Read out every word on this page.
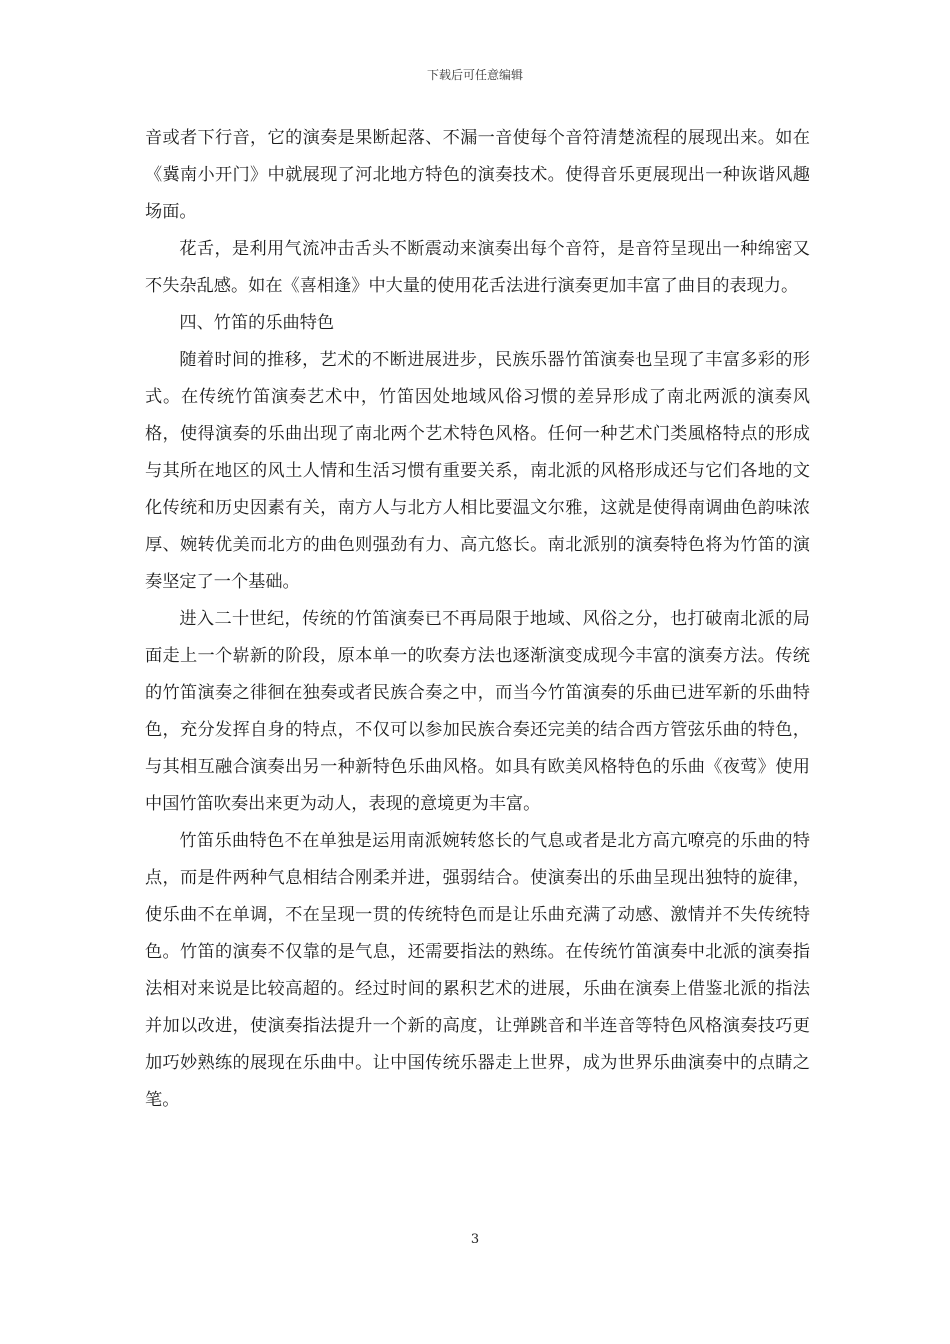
下载后可任意编辑

音或者下行音，它的演奏是果断起落、不漏一音使每个音符清楚流程的展现出来。如在《冀南小开门》中就展现了河北地方特色的演奏技术。使得音乐更展现出一种诙谐风趣场面。

花舌，是利用气流冲击舌头不断震动来演奏出每个音符，是音符呈现出一种绵密又不失杂乱感。如在《喜相逢》中大量的使用花舌法进行演奏更加丰富了曲目的表现力。

四、竹笛的乐曲特色

随着时间的推移，艺术的不断进展进步，民族乐器竹笛演奏也呈现了丰富多彩的形式。在传统竹笛演奏艺术中，竹笛因处地域风俗习惯的差异形成了南北两派的演奏风格，使得演奏的乐曲出现了南北两个艺术特色风格。任何一种艺术门类風格特点的形成与其所在地区的风土人情和生活习惯有重要关系，南北派的风格形成还与它们各地的文化传统和历史因素有关，南方人与北方人相比要温文尔雅，这就是使得南调曲色韵味浓厚、婉转优美而北方的曲色则强劲有力、高亢悠长。南北派别的演奏特色将为竹笛的演奏坚定了一个基础。

进入二十世纪，传统的竹笛演奏已不再局限于地域、风俗之分，也打破南北派的局面走上一个崭新的阶段，原本单一的吹奏方法也逐渐演变成现今丰富的演奏方法。传统的竹笛演奏之徘徊在独奏或者民族合奏之中，而当今竹笛演奏的乐曲已进军新的乐曲特色，充分发挥自身的特点，不仅可以参加民族合奏还完美的结合西方管弦乐曲的特色，与其相互融合演奏出另一种新特色乐曲风格。如具有欧美风格特色的乐曲《夜莺》使用中国竹笛吹奏出来更为动人，表现的意境更为丰富。

竹笛乐曲特色不在单独是运用南派婉转悠长的气息或者是北方高亢嘹亮的乐曲的特点，而是件两种气息相结合刚柔并进，强弱结合。使演奏出的乐曲呈现出独特的旋律，使乐曲不在单调，不在呈现一贯的传统特色而是让乐曲充满了动感、激情并不失传统特色。竹笛的演奏不仅靠的是气息，还需要指法的熟练。在传统竹笛演奏中北派的演奏指法相对来说是比较高超的。经过时间的累积艺术的进展，乐曲在演奏上借鉴北派的指法并加以改进，使演奏指法提升一个新的高度，让弹跳音和半连音等特色风格演奏技巧更加巧妙熟练的展现在乐曲中。让中国传统乐器走上世界，成为世界乐曲演奏中的点睛之笔。

3
